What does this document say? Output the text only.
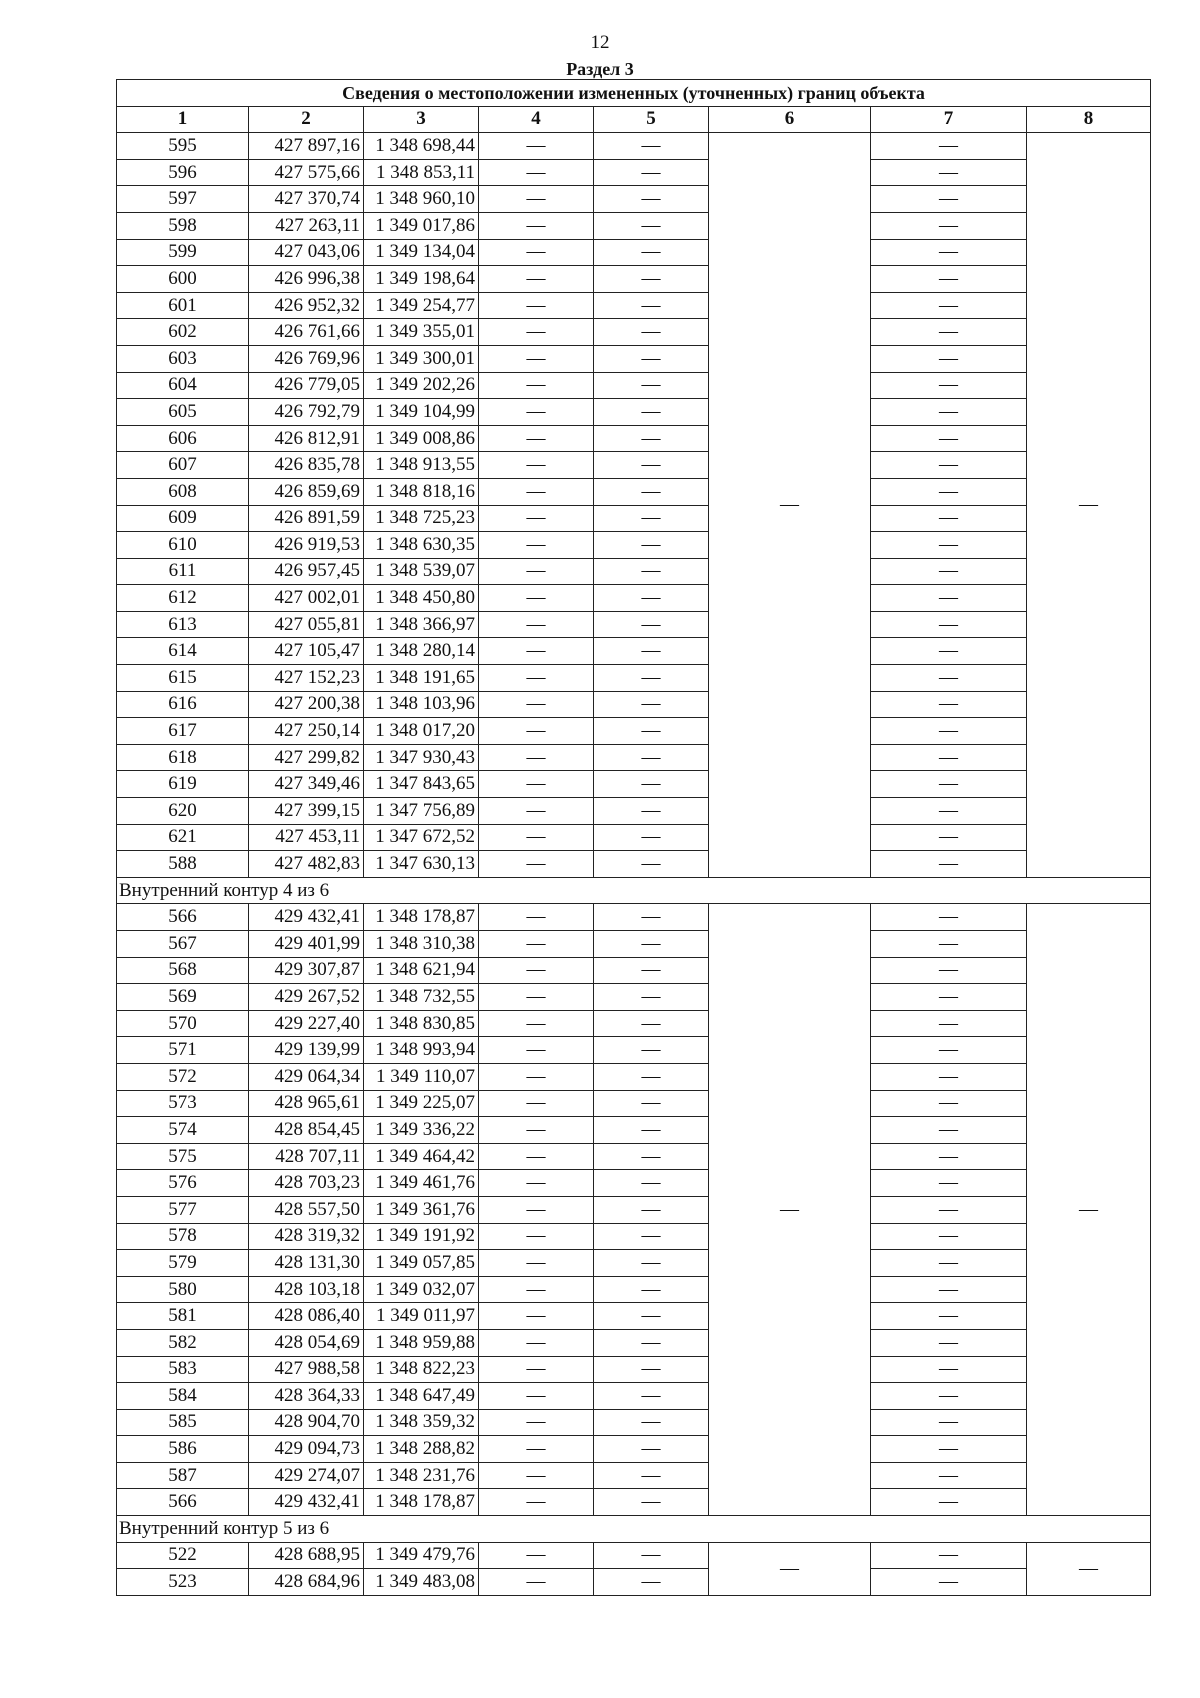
12
Раздел 3
Сведения о местоположении измененных (уточненных) границ объекта							
1	2	3	4	5	6	7	8
595	427 897,16	1 348 698,44	—	—	—	—	—
596	427 575,66	1 348 853,11	—	—		—	
597	427 370,74	1 348 960,10	—	—		—	
598	427 263,11	1 349 017,86	—	—		—	
599	427 043,06	1 349 134,04	—	—		—	
600	426 996,38	1 349 198,64	—	—		—	
601	426 952,32	1 349 254,77	—	—		—	
602	426 761,66	1 349 355,01	—	—		—	
603	426 769,96	1 349 300,01	—	—		—	
604	426 779,05	1 349 202,26	—	—		—	
605	426 792,79	1 349 104,99	—	—		—	
606	426 812,91	1 349 008,86	—	—		—	
607	426 835,78	1 348 913,55	—	—		—	
608	426 859,69	1 348 818,16	—	—		—	
609	426 891,59	1 348 725,23	—	—		—	
610	426 919,53	1 348 630,35	—	—		—	
611	426 957,45	1 348 539,07	—	—		—	
612	427 002,01	1 348 450,80	—	—		—	
613	427 055,81	1 348 366,97	—	—		—	
614	427 105,47	1 348 280,14	—	—		—	
615	427 152,23	1 348 191,65	—	—		—	
616	427 200,38	1 348 103,96	—	—		—	
617	427 250,14	1 348 017,20	—	—		—	
618	427 299,82	1 347 930,43	—	—		—	
619	427 349,46	1 347 843,65	—	—		—	
620	427 399,15	1 347 756,89	—	—		—	
621	427 453,11	1 347 672,52	—	—		—	
588	427 482,83	1 347 630,13	—	—		—	
Внутренний контур 4 из 6							
566	429 432,41	1 348 178,87	—	—	—	—	—
567	429 401,99	1 348 310,38	—	—		—	
568	429 307,87	1 348 621,94	—	—		—	
569	429 267,52	1 348 732,55	—	—		—	
570	429 227,40	1 348 830,85	—	—		—	
571	429 139,99	1 348 993,94	—	—		—	
572	429 064,34	1 349 110,07	—	—		—	
573	428 965,61	1 349 225,07	—	—		—	
574	428 854,45	1 349 336,22	—	—		—	
575	428 707,11	1 349 464,42	—	—		—	
576	428 703,23	1 349 461,76	—	—		—	
577	428 557,50	1 349 361,76	—	—		—	
578	428 319,32	1 349 191,92	—	—		—	
579	428 131,30	1 349 057,85	—	—		—	
580	428 103,18	1 349 032,07	—	—		—	
581	428 086,40	1 349 011,97	—	—		—	
582	428 054,69	1 348 959,88	—	—		—	
583	427 988,58	1 348 822,23	—	—		—	
584	428 364,33	1 348 647,49	—	—		—	
585	428 904,70	1 348 359,32	—	—		—	
586	429 094,73	1 348 288,82	—	—		—	
587	429 274,07	1 348 231,76	—	—		—	
566	429 432,41	1 348 178,87	—	—		—	
Внутренний контур 5 из 6							
522	428 688,95	1 349 479,76	—	—	—	—	—
523	428 684,96	1 349 483,08	—	—		—	
